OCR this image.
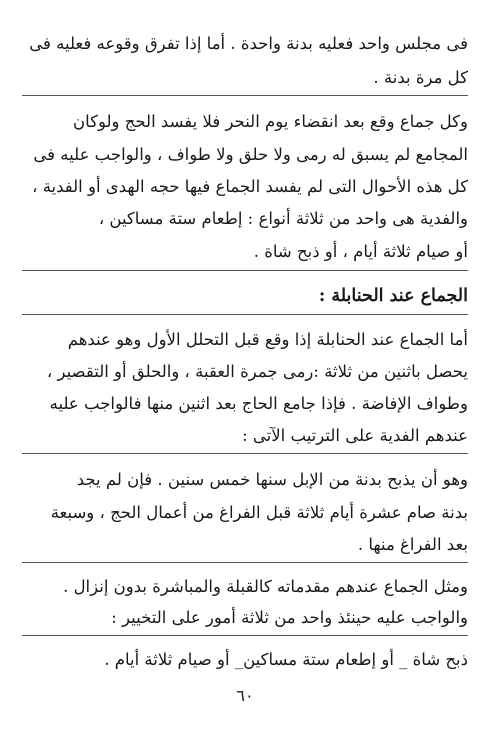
فى مجلس واحد فعليه بدنة واحدة . أما إذا تفرق وقوعه فعليه فى
كل مرة بدنة .
وكل جماع وقع بعد انقضاء يوم النحر فلا يفسد الحج ولوكان
المجامع لم يسبق له رمى ولا حلق ولا طواف ، والواجب عليه فى
كل هذه الأحوال التى لم يفسد الجماع فيها حجه الهدى أو الفدية ،
والفدية هى واحد من ثلاثة أنواع : إطعام ستة مساكين ،
أو صيام ثلاثة أيام ، أو ذبح شاة .
الجماع عند الحنابلة :
أما الجماع عند الحنابلة إذا وقع قبل التحلل الأول وهو عندهم
يحصل باثنين من ثلاثة :رمى جمرة العقبة ، والحلق أو التقصير ،
وطواف الإفاضة . فإذا جامع الحاج بعد اثنين منها فالواجب عليه
عندهم الفدية على الترتيب الآتى :
وهو أن يذبح بدنة من الإبل سنها خمس سنين . فإن لم يجد
بدنة صام عشرة أيام ثلاثة قبل الفراغ من أعمال الحج ، وسبعة
بعد الفراغ منها .
ومثل الجماع عندهم مقدماته كالقبلة والمباشرة بدون إنزال .
والواجب عليه حينئذ واحد من ثلاثة أمور على التخيير :
ذبح شاة _ أو إطعام ستة مساكين_ أو صيام ثلاثة أيام .
٦٠
